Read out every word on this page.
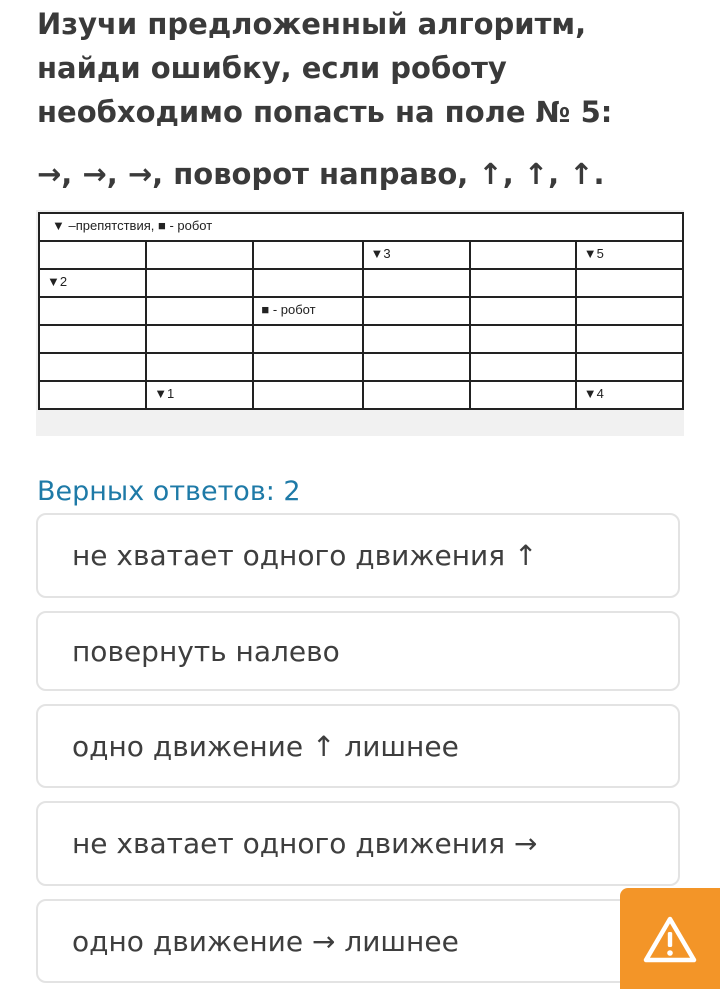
Изучи предложенный алгоритм, найди ошибку, если роботу необходимо попасть на поле № 5:
→, →, →, поворот направо, ↑, ↑, ↑.
▼ –препятствия, ■ - робот					
			▼3		▼5
▼2					
		■ - робот			

	▼1				▼4
Верных ответов: 2
не хватает одного движения ↑
повернуть налево
одно движение ↑ лишнее
не хватает одного движения →
одно движение → лишнее
